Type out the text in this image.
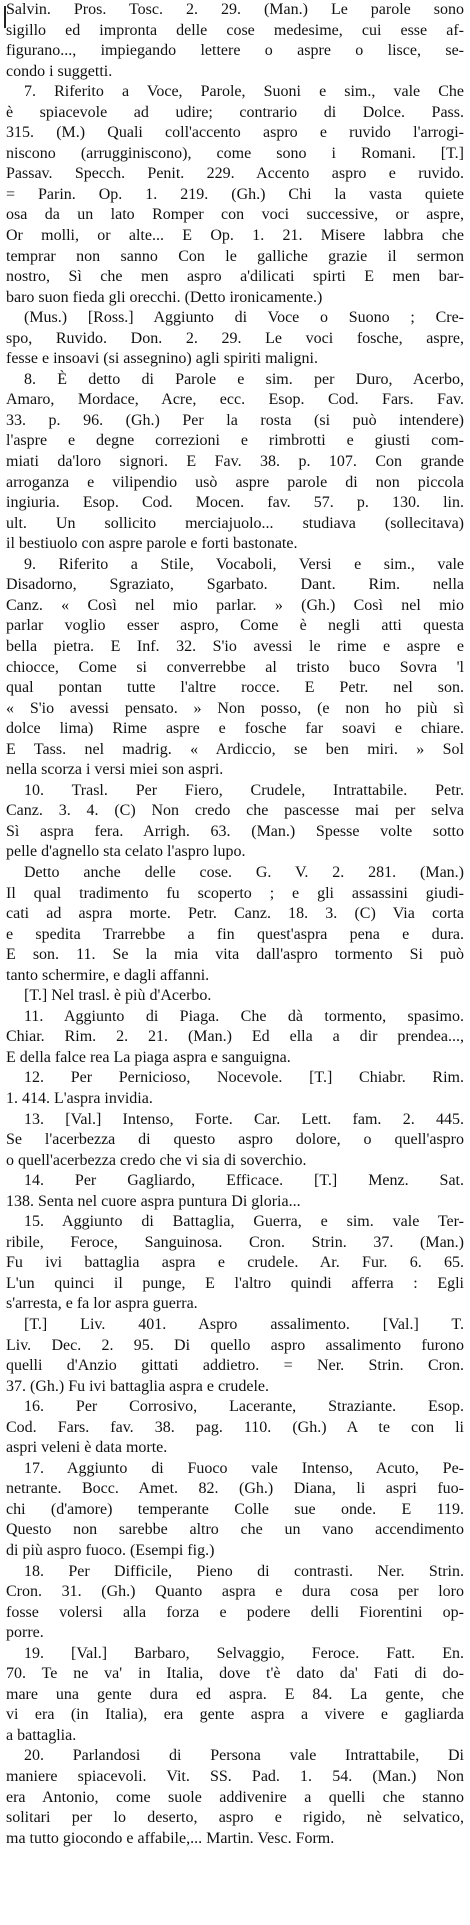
Salvin. Pros. Tosc. 2. 29. (Man.) Le parole sono
sigillo ed impronta delle cose medesime, cui esse af-
figurano..., impiegando lettere o aspre o lisce, se-
condo i suggetti.
7. Riferito a Voce, Parole, Suoni e sim., vale Che
è spiacevole ad udire; contrario di Dolce. Pass.
315. (M.) Quali coll'accento aspro e ruvido l'arrogi-
niscono (arrugginiscono), come sono i Romani. [T.]
Passav. Specch. Penit. 229. Accento aspro e ruvido.
= Parin. Op. 1. 219. (Gh.) Chi la vasta quiete
osa da un lato Romper con voci successive, or aspre,
Or molli, or alte... E Op. 1. 21. Misere labbra che
temprar non sanno Con le galliche grazie il sermon
nostro, Sì che men aspro a'dilicati spirti E men bar-
baro suon fieda gli orecchi. (Detto ironicamente.)
(Mus.) [Ross.] Aggiunto di Voce o Suono ; Cre-
spo, Ruvido. Don. 2. 29. Le voci fosche, aspre,
fesse e insoavi (si assegnino) agli spiriti maligni.
8. È detto di Parole e sim. per Duro, Acerbo,
Amaro, Mordace, Acre, ecc. Esop. Cod. Fars. Fav.
33. p. 96. (Gh.) Per la rosta (si può intendere)
l'aspre e degne correzioni e rimbrotti e giusti com-
miati da'loro signori. E Fav. 38. p. 107. Con grande
arroganza e vilipendio usò aspre parole di non piccola
ingiuria. Esop. Cod. Mocen. fav. 57. p. 130. lin.
ult. Un sollicito merciajuolo... studiava (sollecitava)
il bestiuolo con aspre parole e forti bastonate.
9. Riferito a Stile, Vocaboli, Versi e sim., vale
Disadorno, Sgraziato, Sgarbato. Dant. Rim. nella
Canz. « Così nel mio parlar. » (Gh.) Così nel mio
parlar voglio esser aspro, Come è negli atti questa
bella pietra. E Inf. 32. S'io avessi le rime e aspre e
chiocce, Come si converrebbe al tristo buco Sovra 'l
qual pontan tutte l'altre rocce. E Petr. nel son.
« S'io avessi pensato. » Non posso, (e non ho più sì
dolce lima) Rime aspre e fosche far soavi e chiare.
E Tass. nel madrig. « Ardiccio, se ben miri. » Sol
nella scorza i versi miei son aspri.
10. Trasl. Per Fiero, Crudele, Intrattabile. Petr.
Canz. 3. 4. (C) Non credo che pascesse mai per selva
Sì aspra fera. Arrigh. 63. (Man.) Spesse volte sotto
pelle d'agnello sta celato l'aspro lupo.
Detto anche delle cose. G. V. 2. 281. (Man.)
Il qual tradimento fu scoperto ; e gli assassini giudi-
cati ad aspra morte. Petr. Canz. 18. 3. (C) Via corta
e spedita Trarrebbe a fin quest'aspra pena e dura.
E son. 11. Se la mia vita dall'aspro tormento Si può
tanto schermire, e dagli affanni.
[T.] Nel trasl. è più d'Acerbo.
11. Aggiunto di Piaga. Che dà tormento, spasimo.
Chiar. Rim. 2. 21. (Man.) Ed ella a dir prendea...,
E della falce rea La piaga aspra e sanguigna.
12. Per Pernicioso, Nocevole. [T.] Chiabr. Rim.
1. 414. L'aspra invidia.
13. [Val.] Intenso, Forte. Car. Lett. fam. 2. 445.
Se l'acerbezza di questo aspro dolore, o quell'aspro
o quell'acerbezza credo che vi sia di soverchio.
14. Per Gagliardo, Efficace. [T.] Menz. Sat.
138. Senta nel cuore aspra puntura Di gloria...
15. Aggiunto di Battaglia, Guerra, e sim. vale Ter-
ribile, Feroce, Sanguinosa. Cron. Strin. 37. (Man.)
Fu ivi battaglia aspra e crudele. Ar. Fur. 6. 65.
L'un quinci il punge, E l'altro quindi afferra : Egli
s'arresta, e fa lor aspra guerra.
[T.] Liv. 401. Aspro assalimento. [Val.] T.
Liv. Dec. 2. 95. Di quello aspro assalimento furono
quelli d'Anzio gittati addietro. = Ner. Strin. Cron.
37. (Gh.) Fu ivi battaglia aspra e crudele.
16. Per Corrosivo, Lacerante, Straziante. Esop.
Cod. Fars. fav. 38. pag. 110. (Gh.) A te con li
aspri veleni è data morte.
17. Aggiunto di Fuoco vale Intenso, Acuto, Pe-
netrante. Bocc. Amet. 82. (Gh.) Diana, li aspri fuo-
chi (d'amore) temperante Colle sue onde. E 119.
Questo non sarebbe altro che un vano accendimento
di più aspro fuoco. (Esempi fig.)
18. Per Difficile, Pieno di contrasti. Ner. Strin.
Cron. 31. (Gh.) Quanto aspra e dura cosa per loro
fosse volersi alla forza e podere delli Fiorentini op-
porre.
19. [Val.] Barbaro, Selvaggio, Feroce. Fatt. En.
70. Te ne va' in Italia, dove t'è dato da' Fati di do-
mare una gente dura ed aspra. E 84. La gente, che
vi era (in Italia), era gente aspra a vivere e gagliarda
a battaglia.
20. Parlandosi di Persona vale Intrattabile, Di
maniere spiacevoli. Vit. SS. Pad. 1. 54. (Man.) Non
era Antonio, come suole addivenire a quelli che stanno
solitari per lo deserto, aspro e rigido, nè selvatico,
ma tutto giocondo e affabile,... Martin. Vesc. Form.
